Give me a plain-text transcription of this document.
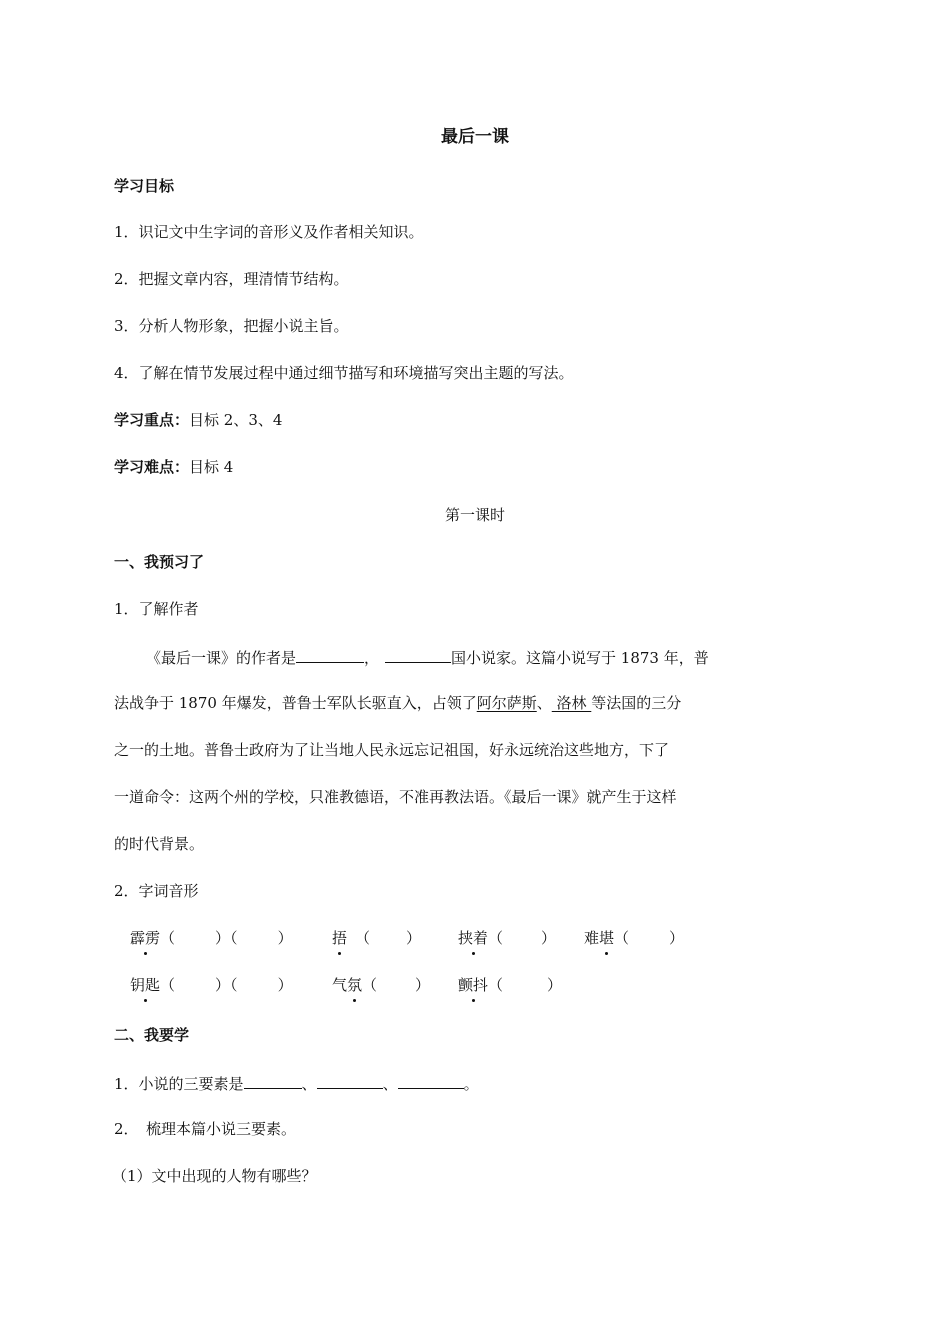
最后一课
学习目标
1．识记文中生字词的音形义及作者相关知识。
2．把握文章内容，理清情节结构。
3．分析人物形象，把握小说主旨。
4．了解在情节发展过程中通过细节描写和环境描写突出主题的写法。
学习重点：目标 2、3、4
学习难点：目标 4
第一课时
一、我预习了
1．了解作者
《最后一课》的作者是	，	国小说家。这篇小说写于 1873 年，普
法战争于 1870 年爆发，普鲁士军队长驱直入，占领了阿尔萨斯、 洛林 等法国的三分
之一的土地。普鲁士政府为了让当地人民永远忘记祖国，好永远统治这些地方，下了
一道命令：这两个州的学校，只准教德语，不准再教法语。《最后一课》就产生于这样
的时代背景。
2．字词音形
霹雳（	）（	）	捂 （ ） 挟着（	） 难堪（	）
钥匙（	）（	）	气氛（	） 颤抖（	）
二、我要学
1．小说的三要素是	、	、	。
2．　梳理本篇小说三要素。
（1）文中出现的人物有哪些？
